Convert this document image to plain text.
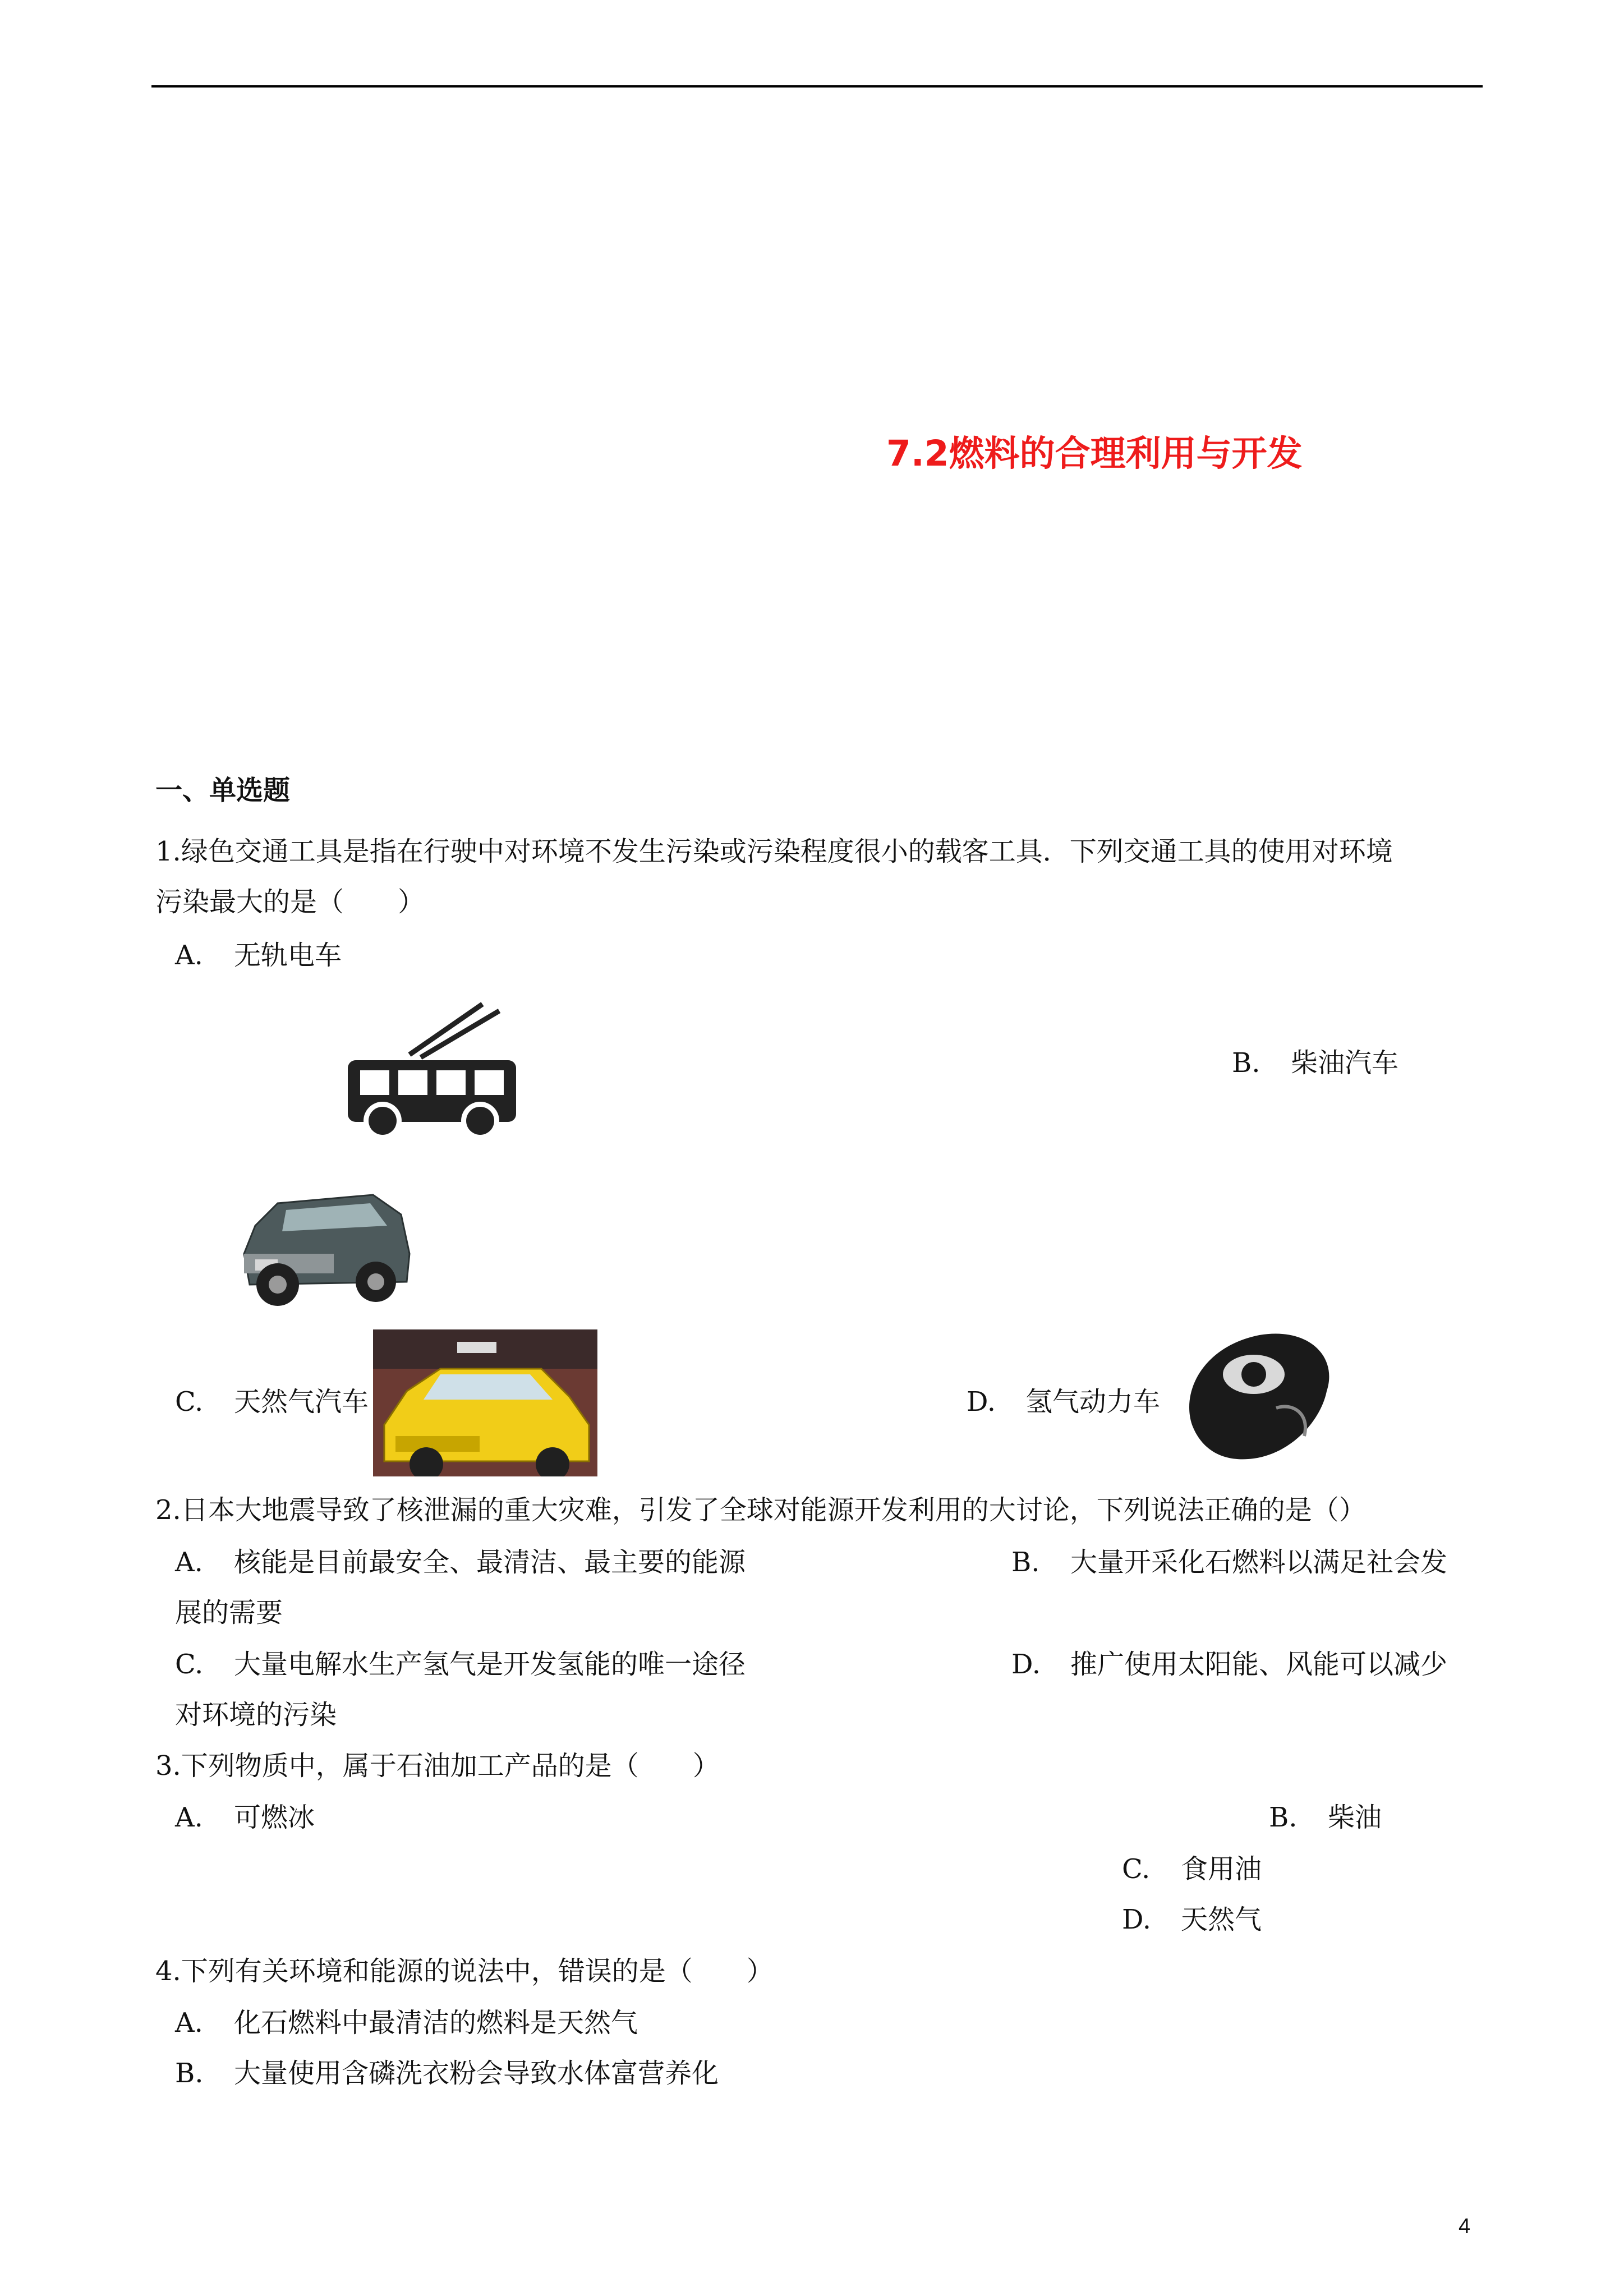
7.2燃料的合理利用与开发
一、单选题
1.绿色交通工具是指在行驶中对环境不发生污染或污染程度很小的载客工具．下列交通工具的使用对环境
污染最大的是（　　）
A. 无轨电车
B. 柴油汽车
C. 天然气汽车	D. 氢气动力车
2.日本大地震导致了核泄漏的重大灾难，引发了全球对能源开发利用的大讨论，下列说法正确的是（）
A. 核能是目前最安全、最清洁、最主要的能源	B. 大量开采化石燃料以满足社会发
展的需要
C. 大量电解水生产氢气是开发氢能的唯一途径	D. 推广使用太阳能、风能可以减少
对环境的污染
3.下列物质中，属于石油加工产品的是（　　）
A. 可燃冰	B. 柴油
C. 食用油
D. 天然气
4.下列有关环境和能源的说法中，错误的是（　　）
A. 化石燃料中最清洁的燃料是天然气
B. 大量使用含磷洗衣粉会导致水体富营养化
4
